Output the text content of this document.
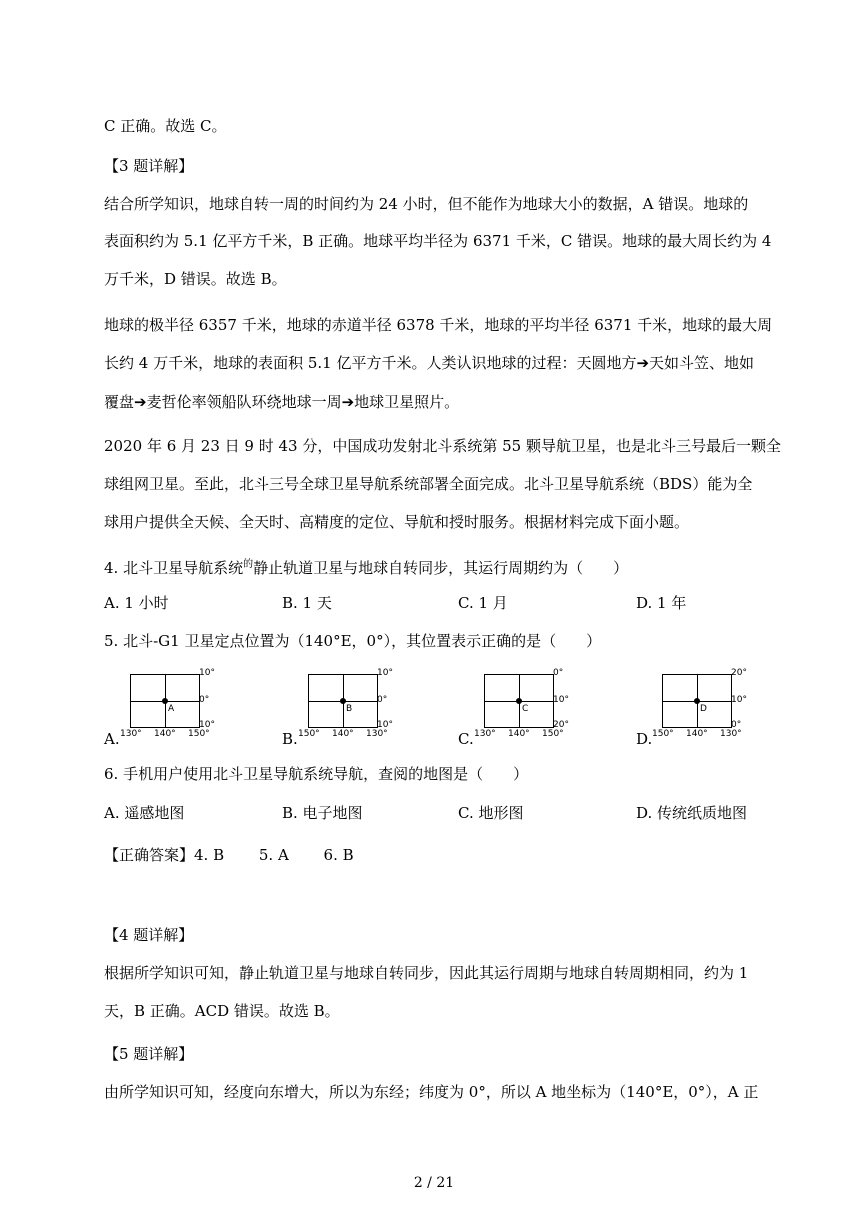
C 正确。故选 C。
【3 题详解】
结合所学知识，地球自转一周的时间约为 24 小时，但不能作为地球大小的数据，A 错误。地球的
表面积约为 5.1 亿平方千米，B 正确。地球平均半径为 6371 千米，C 错误。地球的最大周长约为 4
万千米，D 错误。故选 B。
地球的极半径 6357 千米，地球的赤道半径 6378 千米，地球的平均半径 6371 千米，地球的最大周
长约 4 万千米，地球的表面积 5.1 亿平方千米。人类认识地球的过程：天圆地方➔天如斗笠、地如
覆盘➔麦哲伦率领船队环绕地球一周➔地球卫星照片。
2020 年 6 月 23 日 9 时 43 分，中国成功发射北斗系统第 55 颗导航卫星，也是北斗三号最后一颗全
球组网卫星。至此，北斗三号全球卫星导航系统部署全面完成。北斗卫星导航系统（BDS）能为全
球用户提供全天候、全天时、高精度的定位、导航和授时服务。根据材料完成下面小题。
4. 北斗卫星导航系统$^的$静止轨道卫星与地球自转同步，其运行周期约为（　　）
A. 1 小时	B. 1 天	C. 1 月	D. 1 年
5. 北斗-G1 卫星定点位置为（140°E，0°），其位置表示正确的是（　　）
A.
A
10°
0°
10°
130° 140° 150°	B.
B
10°
0°
10°
150° 140° 130°	C.
C
0°
10°
20°
130° 140° 150°	D.
D
20°
10°
0°
150° 140° 130°
6. 手机用户使用北斗卫星导航系统导航，查阅的地图是（　　）
A. 遥感地图	B. 电子地图	C. 地形图	D. 传统纸质地图
【正确答案】4. B　　 5. A　　 6. B
【4 题详解】
根据所学知识可知，静止轨道卫星与地球自转同步，因此其运行周期与地球自转周期相同，约为 1
天，B 正确。ACD 错误。故选 B。
【5 题详解】
由所学知识可知，经度向东增大，所以为东经；纬度为 0°，所以 A 地坐标为（140°E，0°），A 正
2 / 21
